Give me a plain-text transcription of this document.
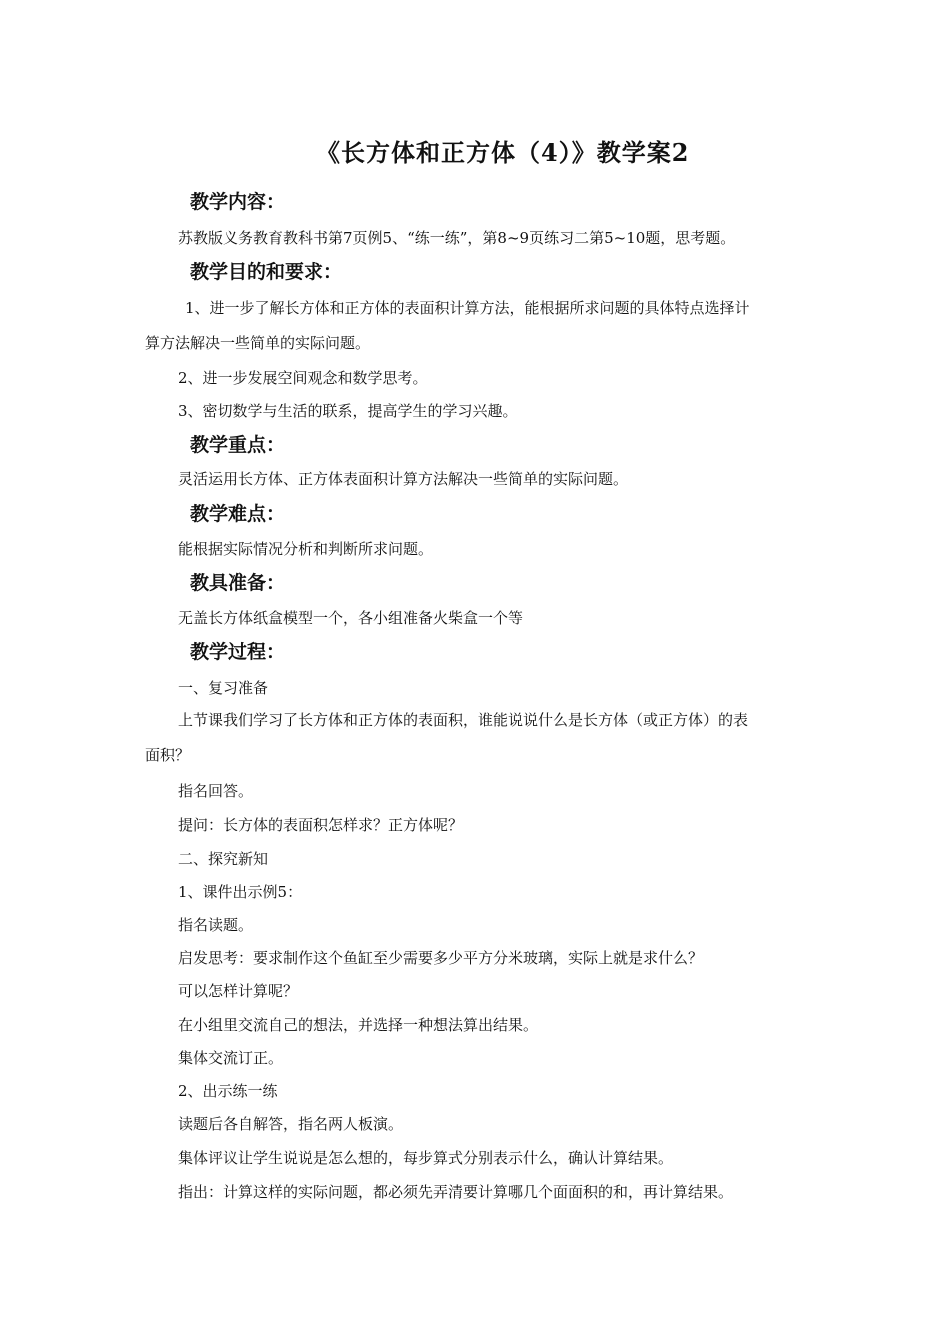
《长方体和正方体（4）》教学案2
教学内容：
苏教版义务教育教科书第7页例5、“练一练”，第8~9页练习二第5~10题，思考题。
教学目的和要求：
1、进一步了解长方体和正方体的表面积计算方法，能根据所求问题的具体特点选择计
算方法解决一些简单的实际问题。
2、进一步发展空间观念和数学思考。
3、密切数学与生活的联系，提高学生的学习兴趣。
教学重点：
灵活运用长方体、正方体表面积计算方法解决一些简单的实际问题。
教学难点：
能根据实际情况分析和判断所求问题。
教具准备：
无盖长方体纸盒模型一个，各小组准备火柴盒一个等
教学过程：
一、复习准备
上节课我们学习了长方体和正方体的表面积，谁能说说什么是长方体（或正方体）的表
面积？
指名回答。
提问：长方体的表面积怎样求？正方体呢？
二、探究新知
1、课件出示例5：
指名读题。
启发思考：要求制作这个鱼缸至少需要多少平方分米玻璃，实际上就是求什么？
可以怎样计算呢？
在小组里交流自己的想法，并选择一种想法算出结果。
集体交流订正。
2、出示练一练
读题后各自解答，指名两人板演。
集体评议让学生说说是怎么想的，每步算式分别表示什么，确认计算结果。
指出：计算这样的实际问题，都必须先弄清要计算哪几个面面积的和，再计算结果。
